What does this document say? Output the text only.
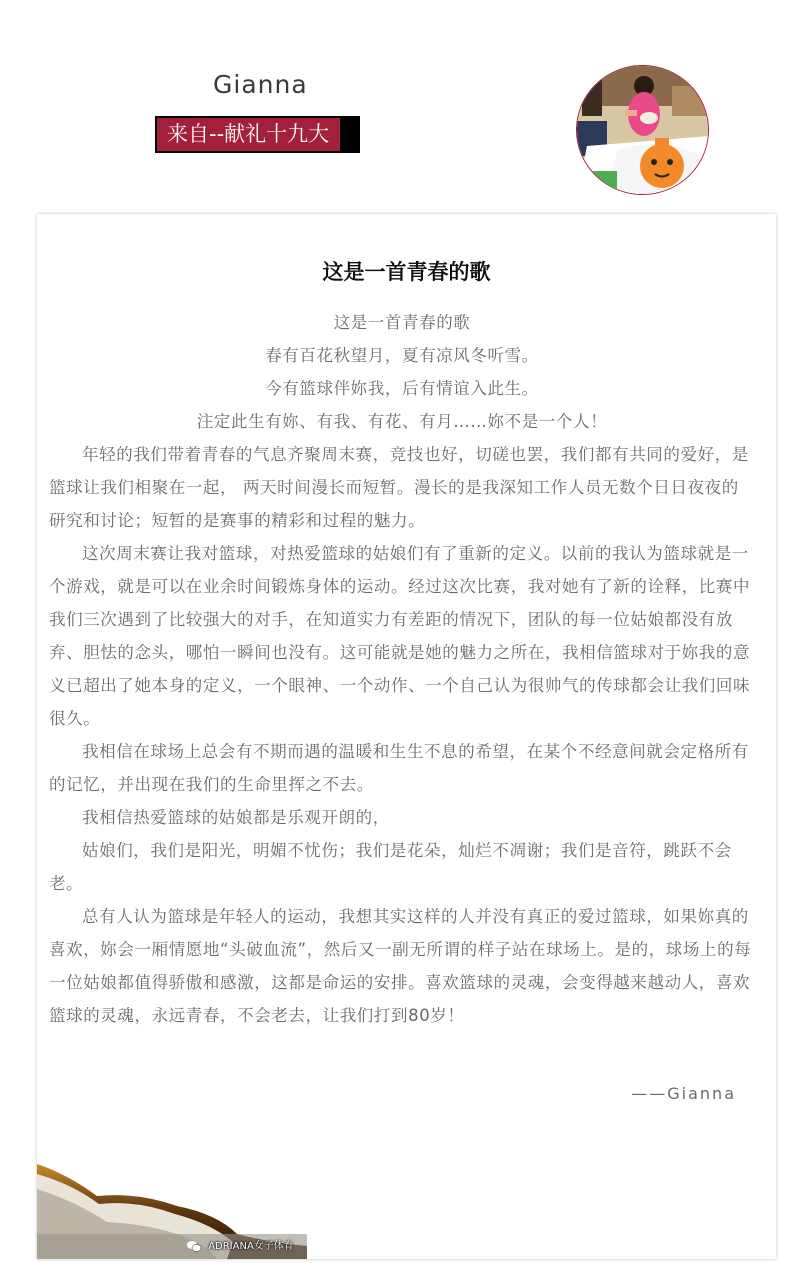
Gianna
来自--献礼十九大
这是一首青春的歌

这是一首青春的歌

春有百花秋望月，夏有凉风冬听雪。

今有篮球伴妳我，后有情谊入此生。

注定此生有妳、有我、有花、有月……妳不是一个人！

年轻的我们带着青春的气息齐聚周末赛，竞技也好，切磋也罢，我们都有共同的爱好，是篮球让我们相聚在一起， 两天时间漫长而短暂。漫长的是我深知工作人员无数个日日夜夜的研究和讨论；短暂的是赛事的精彩和过程的魅力。

这次周末赛让我对篮球，对热爱篮球的姑娘们有了重新的定义。以前的我认为篮球就是一个游戏，就是可以在业余时间锻炼身体的运动。经过这次比赛，我对她有了新的诠释，比赛中我们三次遇到了比较强大的对手，在知道实力有差距的情况下，团队的每一位姑娘都没有放弃、胆怯的念头，哪怕一瞬间也没有。这可能就是她的魅力之所在，我相信篮球对于妳我的意义已超出了她本身的定义，一个眼神、一个动作、一个自己认为很帅气的传球都会让我们回味很久。

我相信在球场上总会有不期而遇的温暖和生生不息的希望，在某个不经意间就会定格所有的记忆，并出现在我们的生命里挥之不去。

我相信热爱篮球的姑娘都是乐观开朗的，

姑娘们，我们是阳光，明媚不忧伤；我们是花朵，灿烂不凋谢；我们是音符，跳跃不会老。

总有人认为篮球是年轻人的运动，我想其实这样的人并没有真正的爱过篮球，如果妳真的喜欢，妳会一厢情愿地“头破血流”，然后又一副无所谓的样子站在球场上。是的，球场上的每一位姑娘都值得骄傲和感激，这都是命运的安排。喜欢篮球的灵魂，会变得越来越动人，喜欢篮球的灵魂，永远青春，不会老去，让我们打到80岁！

——Gianna
ADRIANA女子体育
